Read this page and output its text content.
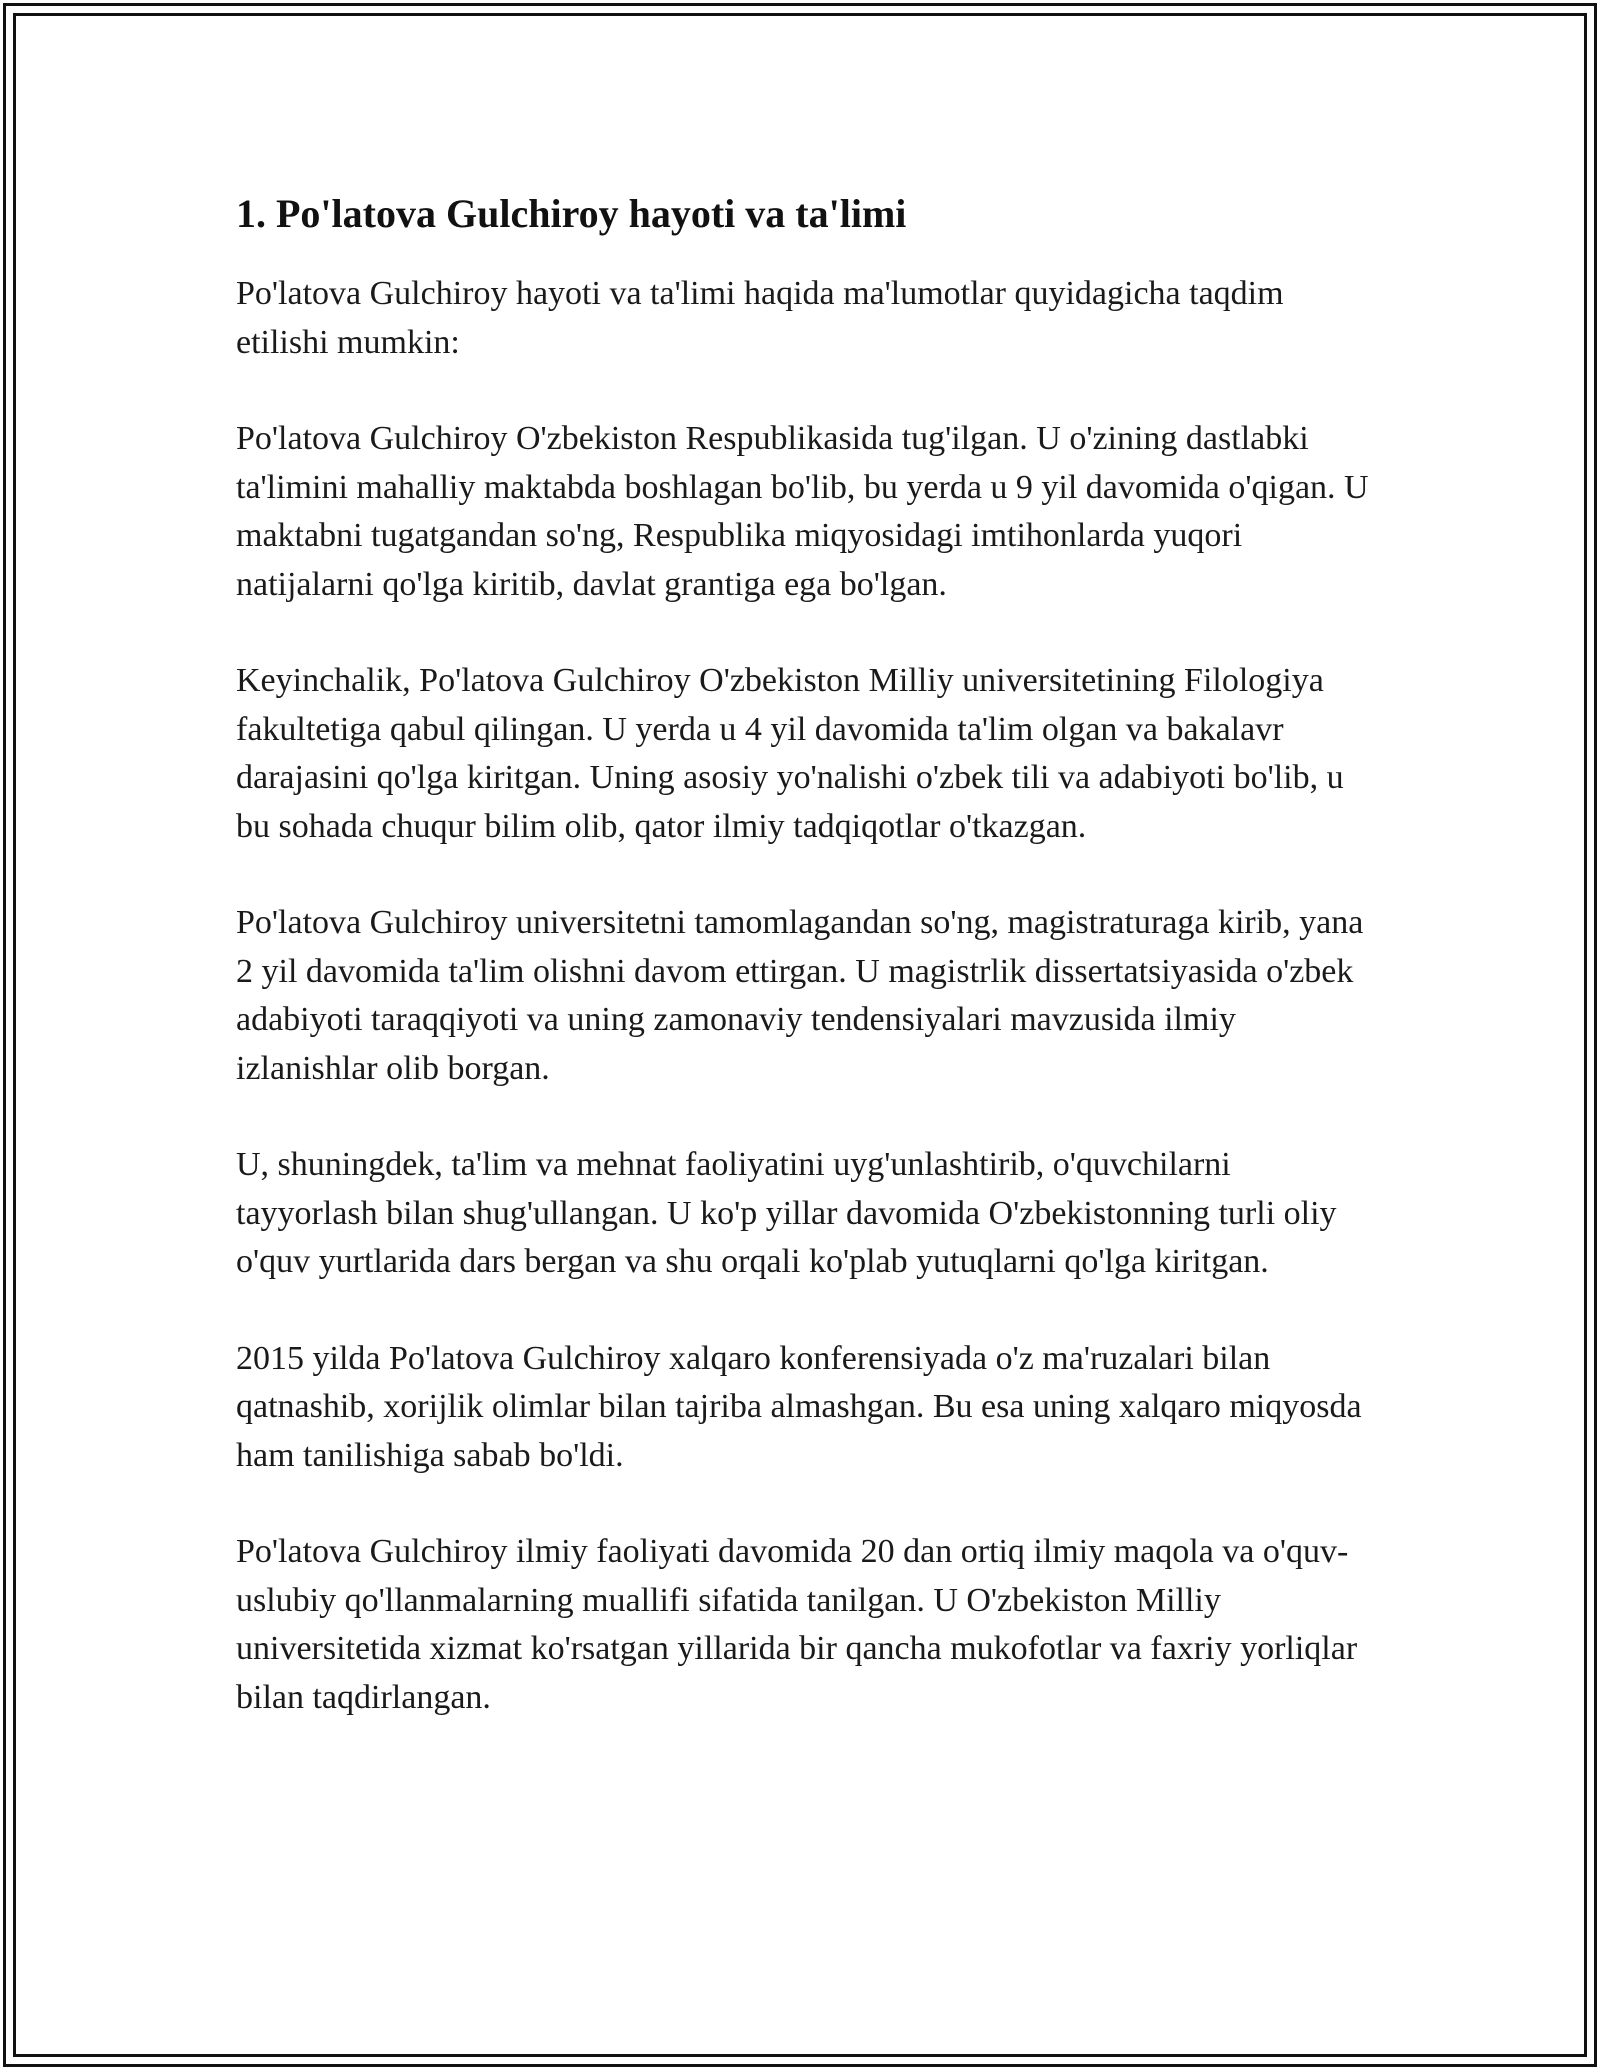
1. Po'latova Gulchiroy hayoti va ta'limi

Po'latova Gulchiroy hayoti va ta'limi haqida ma'lumotlar quyidagicha taqdim etilishi mumkin:

Po'latova Gulchiroy O'zbekiston Respublikasida tug'ilgan. U o'zining dastlabki ta'limini mahalliy maktabda boshlagan bo'lib, bu yerda u 9 yil davomida o'qigan. U maktabni tugatgandan so'ng, Respublika miqyosidagi imtihonlarda yuqori natijalarni qo'lga kiritib, davlat grantiga ega bo'lgan.

Keyinchalik, Po'latova Gulchiroy O'zbekiston Milliy universitetining Filologiya fakultetiga qabul qilingan. U yerda u 4 yil davomida ta'lim olgan va bakalavr darajasini qo'lga kiritgan. Uning asosiy yo'nalishi o'zbek tili va adabiyoti bo'lib, u bu sohada chuqur bilim olib, qator ilmiy tadqiqotlar o'tkazgan.

Po'latova Gulchiroy universitetni tamomlagandan so'ng, magistraturaga kirib, yana 2 yil davomida ta'lim olishni davom ettirgan. U magistrlik dissertatsiyasida o'zbek adabiyoti taraqqiyoti va uning zamonaviy tendensiyalari mavzusida ilmiy izlanishlar olib borgan.

U, shuningdek, ta'lim va mehnat faoliyatini uyg'unlashtirib, o'quvchilarni tayyorlash bilan shug'ullangan. U ko'p yillar davomida O'zbekistonning turli oliy o'quv yurtlarida dars bergan va shu orqali ko'plab yutuqlarni qo'lga kiritgan.

2015 yilda Po'latova Gulchiroy xalqaro konferensiyada o'z ma'ruzalari bilan qatnashib, xorijlik olimlar bilan tajriba almashgan. Bu esa uning xalqaro miqyosda ham tanilishiga sabab bo'ldi.

Po'latova Gulchiroy ilmiy faoliyati davomida 20 dan ortiq ilmiy maqola va o'quv-uslubiy qo'llanmalarning muallifi sifatida tanilgan. U O'zbekiston Milliy universitetida xizmat ko'rsatgan yillarida bir qancha mukofotlar va faxriy yorliqlar bilan taqdirlangan.
